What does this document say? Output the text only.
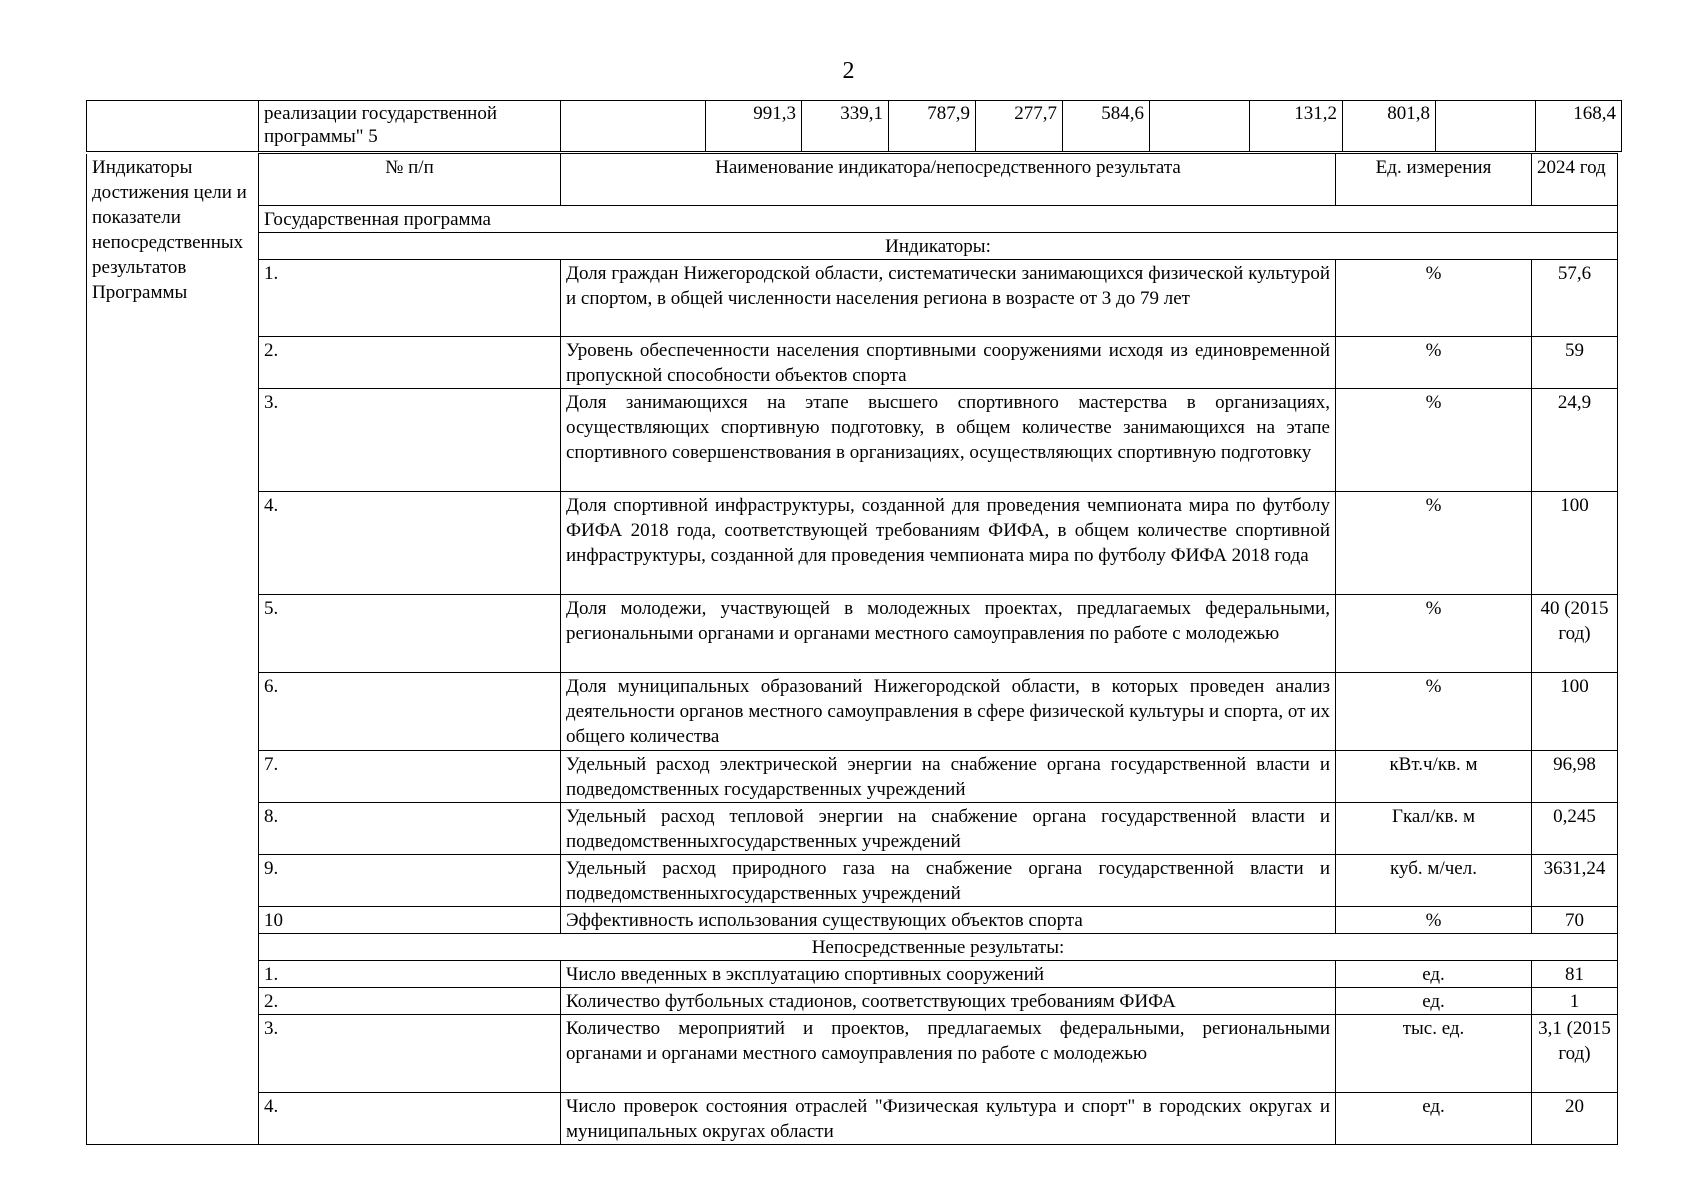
2
	реализации государственной программы" 5		991,3	339,1	787,9	277,7	584,6		131,2	801,8		168,4
Индикаторы достижения цели и показатели непосредственных результатов Программы	№ п/п	Наименование индикатора/непосредственного результата	Ед. измерения	2024 год
	Государственная программа			
	Индикаторы:			
	1.	Доля граждан Нижегородской области, систематически занимающихся физической культурой и спортом, в общей численности населения региона в возрасте от 3 до 79 лет	%	57,6
	2.	Уровень обеспеченности населения спортивными сооружениями исходя из единовременной пропускной способности объектов спорта	%	59
	3.	Доля занимающихся на этапе высшего спортивного мастерства в организациях, осуществляющих спортивную подготовку, в общем количестве занимающихся на этапе спортивного совершенствования в организациях, осуществляющих спортивную подготовку	%	24,9
	4.	Доля спортивной инфраструктуры, созданной для проведения чемпионата мира по футболу ФИФА 2018 года, соответствующей требованиям ФИФА, в общем количестве спортивной инфраструктуры, созданной для проведения чемпионата мира по футболу ФИФА 2018 года	%	100
	5.	Доля молодежи, участвующей в молодежных проектах, предлагаемых федеральными, региональными органами и органами местного самоуправления по работе с молодежью	%	40 (2015 год)
	6.	Доля муниципальных образований Нижегородской области, в которых проведен анализ деятельности органов местного самоуправления в сфере физической культуры и спорта, от их общего количества	%	100
	7.	Удельный расход электрической энергии на снабжение органа государственной власти и подведомственных государственных учреждений	кВт.ч/кв. м	96,98
	8.	Удельный расход тепловой энергии на снабжение органа государственной власти и подведомственныхгосударственных учреждений	Гкал/кв. м	0,245
	9.	Удельный расход природного газа на снабжение органа государственной власти и подведомственныхгосударственных учреждений	куб. м/чел.	3631,24
	10	Эффективность использования существующих объектов спорта	%	70
	Непосредственные результаты:			
	1.	Число введенных в эксплуатацию спортивных сооружений	ед.	81
	2.	Количество футбольных стадионов, соответствующих требованиям ФИФА	ед.	1
	3.	Количество мероприятий и проектов, предлагаемых федеральными, региональными органами и органами местного самоуправления по работе с молодежью	тыс. ед.	3,1 (2015 год)
	4.	Число проверок состояния отраслей "Физическая культура и спорт" в городских округах и муниципальных округах области	ед.	20
